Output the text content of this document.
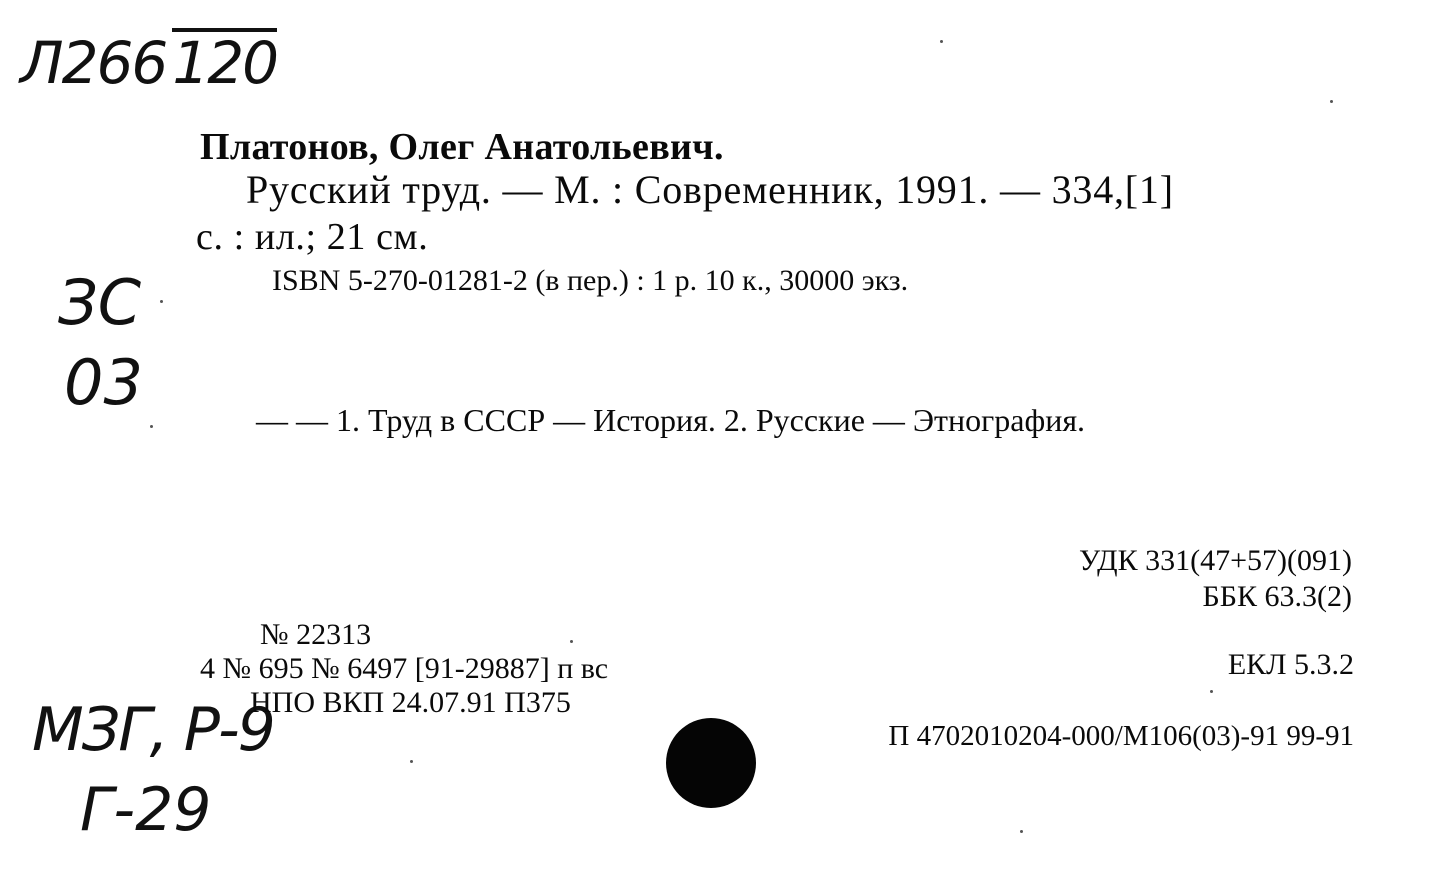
Л266 120
ЗС
03
МЗГ, Р-9
Г-29
Платонов, Олег Анатольевич.
Русский труд. — М. : Современник, 1991. — 334,[1]
с. : ил.; 21 см.
ISBN 5-270-01281-2 (в пер.) : 1 р. 10 к., 30000 экз.
— — 1. Труд в СССР — История. 2. Русские — Этнография.
УДК 331(47+57)(091)
ББК 63.3(2)
№ 22313
4 № 695 № 6497 [91-29887] п вс
НПО ВКП 24.07.91 П375
ЕКЛ 5.3.2
П 4702010204-000/М106(03)-91 99-91
